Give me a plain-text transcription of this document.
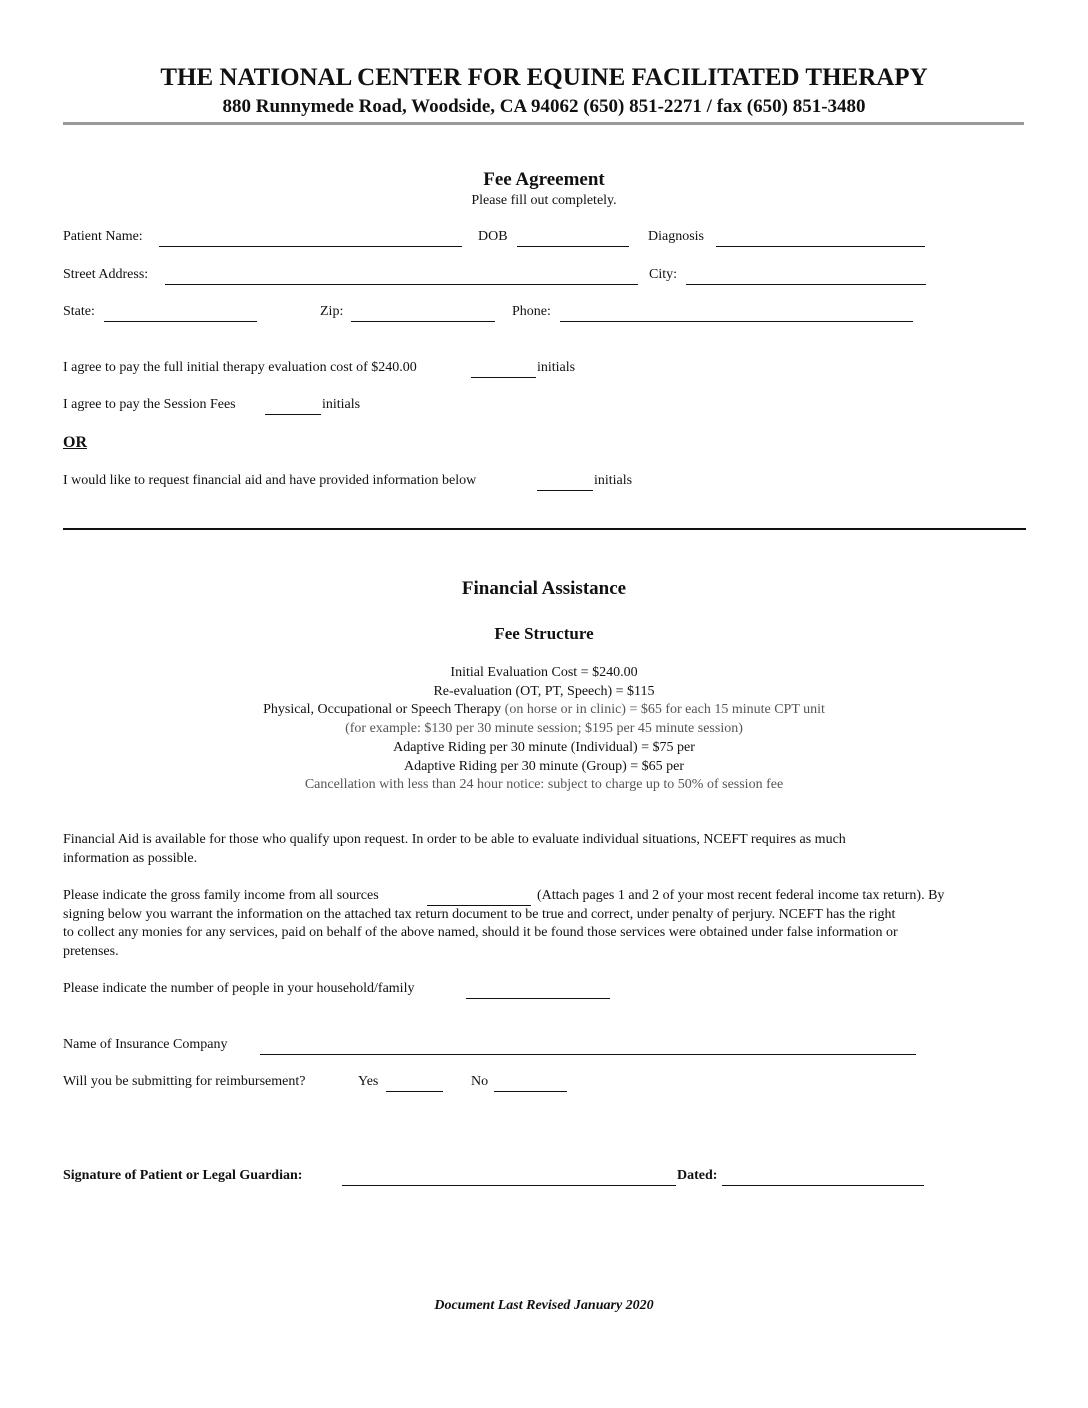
THE NATIONAL CENTER FOR EQUINE FACILITATED THERAPY
880 Runnymede Road, Woodside, CA 94062 (650) 851-2271 / fax (650) 851-3480
Fee Agreement
Please fill out completely.
Patient Name:	DOB	Diagnosis
Street Address:	City:
State:	Zip:	Phone:
I agree to pay the full initial therapy evaluation cost of $240.00	initials
I agree to pay the Session Fees	initials
OR
I would like to request financial aid and have provided information below	initials
Financial Assistance
Fee Structure
Initial Evaluation Cost = $240.00
Re-evaluation (OT, PT, Speech) = $115
Physical, Occupational or Speech Therapy (on horse or in clinic) = $65 for each 15 minute CPT unit
(for example: $130 per 30 minute session; $195 per 45 minute session)
Adaptive Riding per 30 minute (Individual) = $75 per
Adaptive Riding per 30 minute (Group) = $65 per
Cancellation with less than 24 hour notice: subject to charge up to 50% of session fee
Financial Aid is available for those who qualify upon request. In order to be able to evaluate individual situations, NCEFT requires as much
information as possible.
Please indicate the gross family income from all sources	(Attach pages 1 and 2 of your most recent federal income tax return). By
signing below you warrant the information on the attached tax return document to be true and correct, under penalty of perjury. NCEFT has the right
to collect any monies for any services, paid on behalf of the above named, should it be found those services were obtained under false information or
pretenses.
Please indicate the number of people in your household/family
Name of Insurance Company
Will you be submitting for reimbursement?	Yes	No
Signature of Patient or Legal Guardian:	Dated:
Document Last Revised January 2020
